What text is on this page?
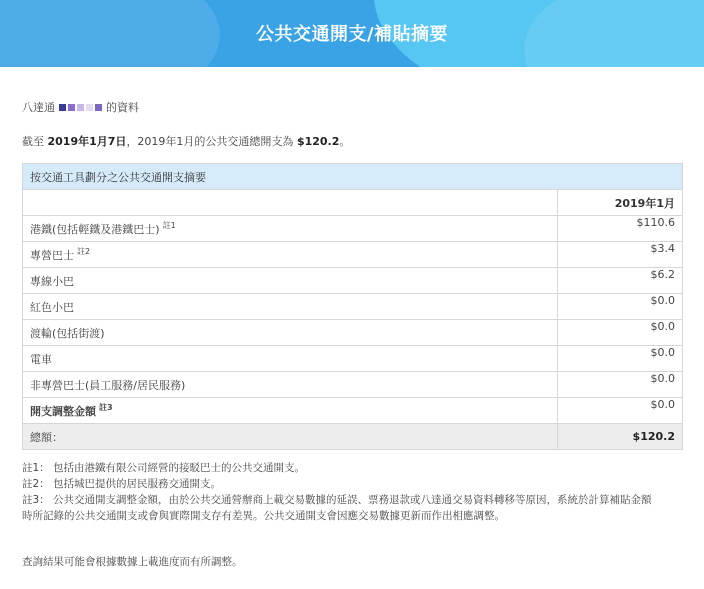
公共交通開支/補貼摘要
八達通	的資料
截至 2019年1月7日，2019年1月的公共交通總開支為 $120.2。
按交通工具劃分之公共交通開支摘要	
	2019年1月
港鐵(包括輕鐵及港鐵巴士) $^{註1}$	$110.6
專營巴士 $^{註2}$	$3.4
專線小巴	$6.2
紅色小巴	$0.0
渡輪(包括街渡)	$0.0
電車	$0.0
非專營巴士(員工服務/居民服務)	$0.0
開支調整金額 $^{註3}$	$0.0
總額：	$120.2
註1： 包括由港鐵有限公司經營的接駁巴士的公共交通開支。
註2： 包括城巴提供的居民服務交通開支。
註3： 公共交通開支調整金額，由於公共交通營辦商上載交易數據的延誤、票務退款或八達通交易資料轉移等原因，系統於計算補貼金額
時所記錄的公共交通開支或會與實際開支存有差異。公共交通開支會因應交易數據更新而作出相應調整。
查詢結果可能會根據數據上載進度而有所調整。
